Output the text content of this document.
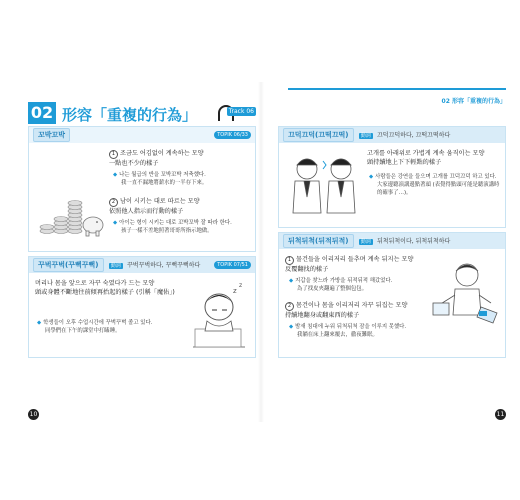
02 形容「重複的行為」	Track 06
꼬박꼬박	TOPIK 06/33
1 조금도 어김없이 계속하는 모양
一點也不少的樣子
◆ 나는 월급의 반을 꼬박꼬박 저축했다.
我一直不漏地將薪水的一半存下來。
2 남이 시키는 대로 따르는 모양
依照他人指示而行動的樣子
◆ 아이는 형이 시키는 대로 꼬박꼬박 잘 따라 한다.
孩子一樣不差地照著哥哥所指示地做。
꾸벅꾸벅(꾸뻑꾸뻑) 動詞 꾸벅꾸벅하다, 꾸뻑꾸뻑하다	TOPIK 07/51
머리나 몸을 앞으로 자꾸 숙였다가 드는 모양
頭或身體不斷地往前傾再抬起的樣子 (引稱「魔佑」)
◆ 학생들이 오후 수업시간에 꾸벅꾸벅 졸고 있다.
同學們在下午的課堂中打瞌睡。
z
z
10
02 形容「重複的行為」
끄덕끄덕(끄떡끄떡) 動詞 끄덕끄덕하다, 끄떡끄떡하다
고개를 아래위로 가볍게 계속 움직이는 모양
頭持續地上下下輕點的樣子
◆ 사람들은 강연을 들으며 고개를 끄덕끄덕 하고 있다.
大家邊聽演講邊點著頭 (表覺得點頭可能是聽演講時的確事了…)。
뒤척뒤척(뒤적뒤적) 動詞 뒤척뒤척이다, 뒤척뒤척하다
1 물건들을 이리저리 들추며 계속 뒤지는 모양
反覆翻找的樣子
◆ 지갑을 찾느라 가방을 뒤적뒤적 해갔었다.
為了找皮夾翻遍了整個包包。
2 몸건이나 몸을 이리저리 자꾸 뒤집는 모양
持續地翻身或翻東西的樣子
◆ 밤새 침대에 누워 뒤척뒤척 잠을 이루지 못했다.
我躺在床上翻來覆去，徹夜難眠。
11
